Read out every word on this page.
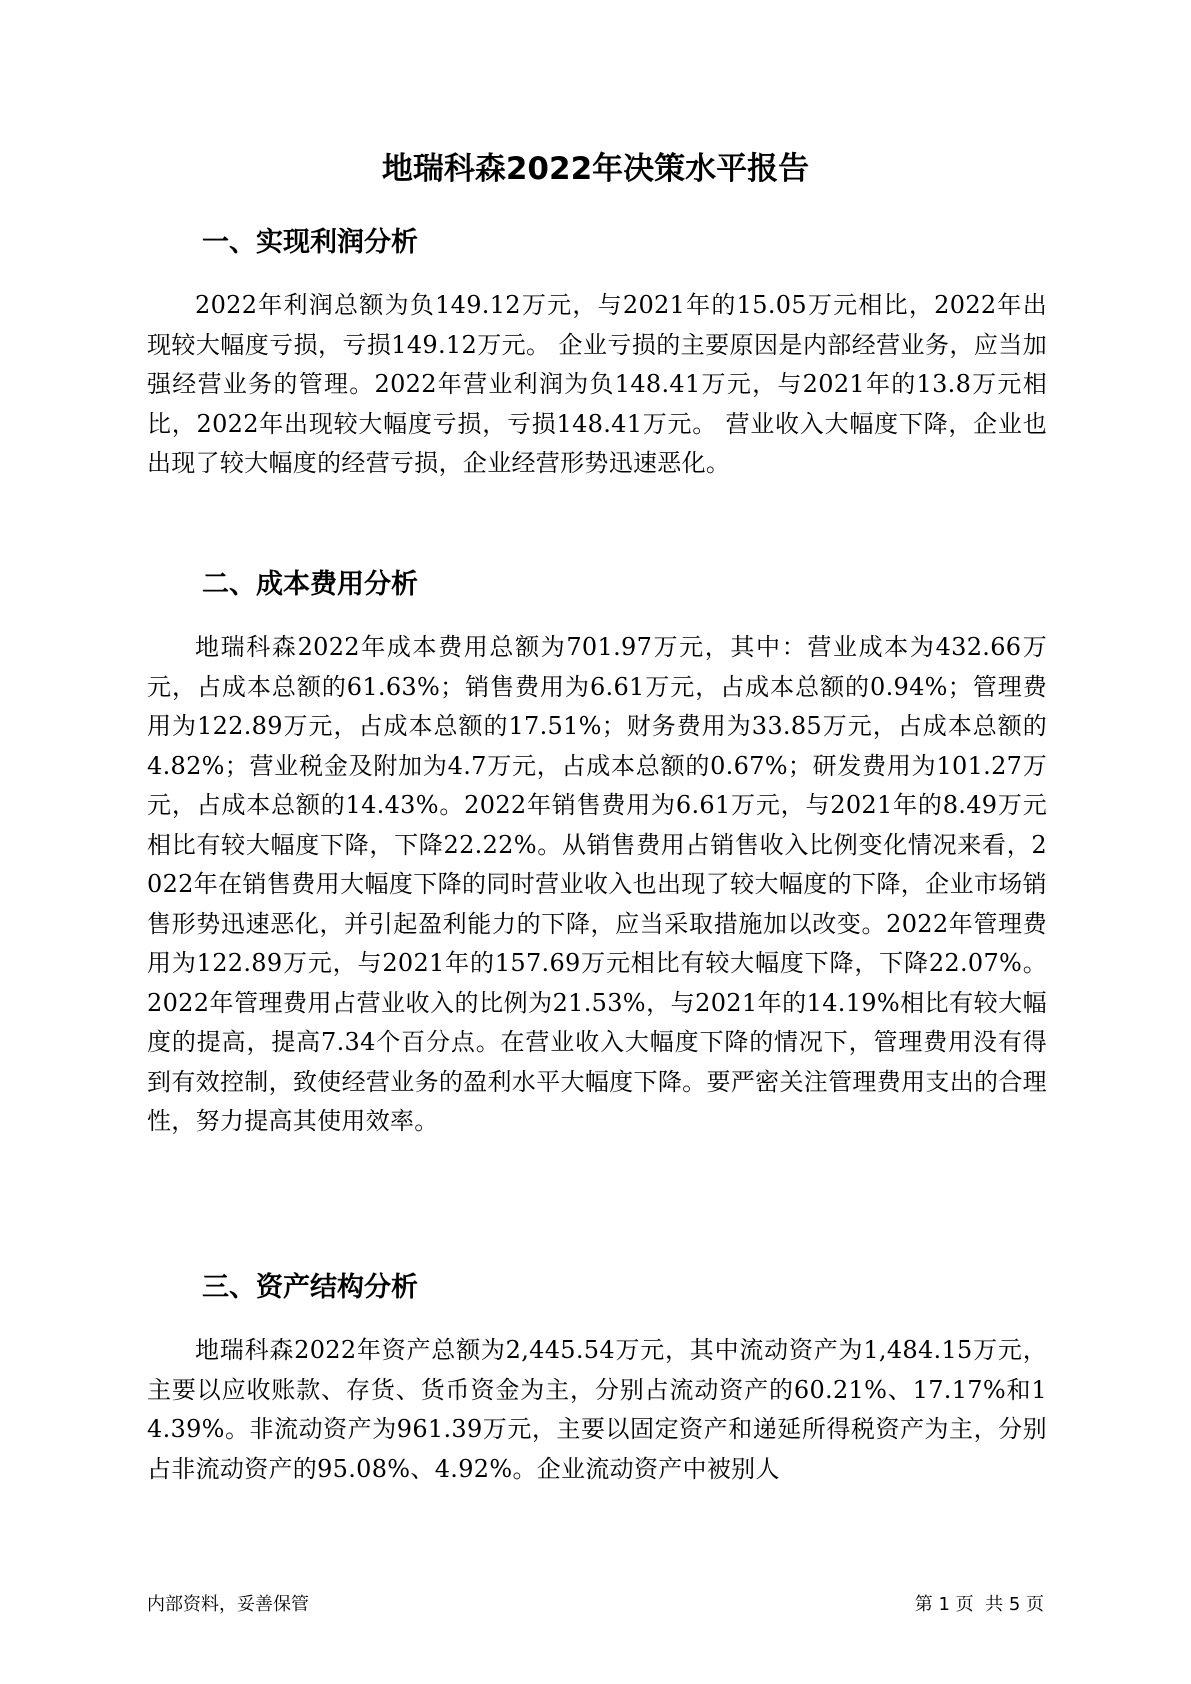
地瑞科森2022年决策水平报告
一、实现利润分析

2022年利润总额为负149.12万元，与2021年的15.05万元相比，2022年出现较大幅度亏损，亏损149.12万元。 企业亏损的主要原因是内部经营业务，应当加强经营业务的管理。2022年营业利润为负148.41万元，与2021年的13.8万元相比，2022年出现较大幅度亏损，亏损148.41万元。 营业收入大幅度下降，企业也出现了较大幅度的经营亏损，企业经营形势迅速恶化。

二、成本费用分析

地瑞科森2022年成本费用总额为701.97万元，其中：营业成本为432.66万元，占成本总额的61.63%；销售费用为6.61万元，占成本总额的0.94%；管理费用为122.89万元，占成本总额的17.51%；财务费用为33.85万元，占成本总额的4.82%；营业税金及附加为4.7万元，占成本总额的0.67%；研发费用为101.27万元，占成本总额的14.43%。2022年销售费用为6.61万元，与2021年的8.49万元相比有较大幅度下降，下降22.22%。从销售费用占销售收入比例变化情况来看，2022年在销售费用大幅度下降的同时营业收入也出现了较大幅度的下降，企业市场销售形势迅速恶化，并引起盈利能力的下降，应当采取措施加以改变。2022年管理费用为122.89万元，与2021年的157.69万元相比有较大幅度下降，下降22.07%。2022年管理费用占营业收入的比例为21.53%，与2021年的14.19%相比有较大幅度的提高，提高7.34个百分点。在营业收入大幅度下降的情况下，管理费用没有得到有效控制，致使经营业务的盈利水平大幅度下降。要严密关注管理费用支出的合理性，努力提高其使用效率。

三、资产结构分析

地瑞科森2022年资产总额为2,445.54万元，其中流动资产为1,484.15万元，主要以应收账款、存货、货币资金为主，分别占流动资产的60.21%、17.17%和14.39%。非流动资产为961.39万元，主要以固定资产和递延所得税资产为主，分别占非流动资产的95.08%、4.92%。企业流动资产中被别人

内部资料，妥善保管	第 1 页  共 5 页
